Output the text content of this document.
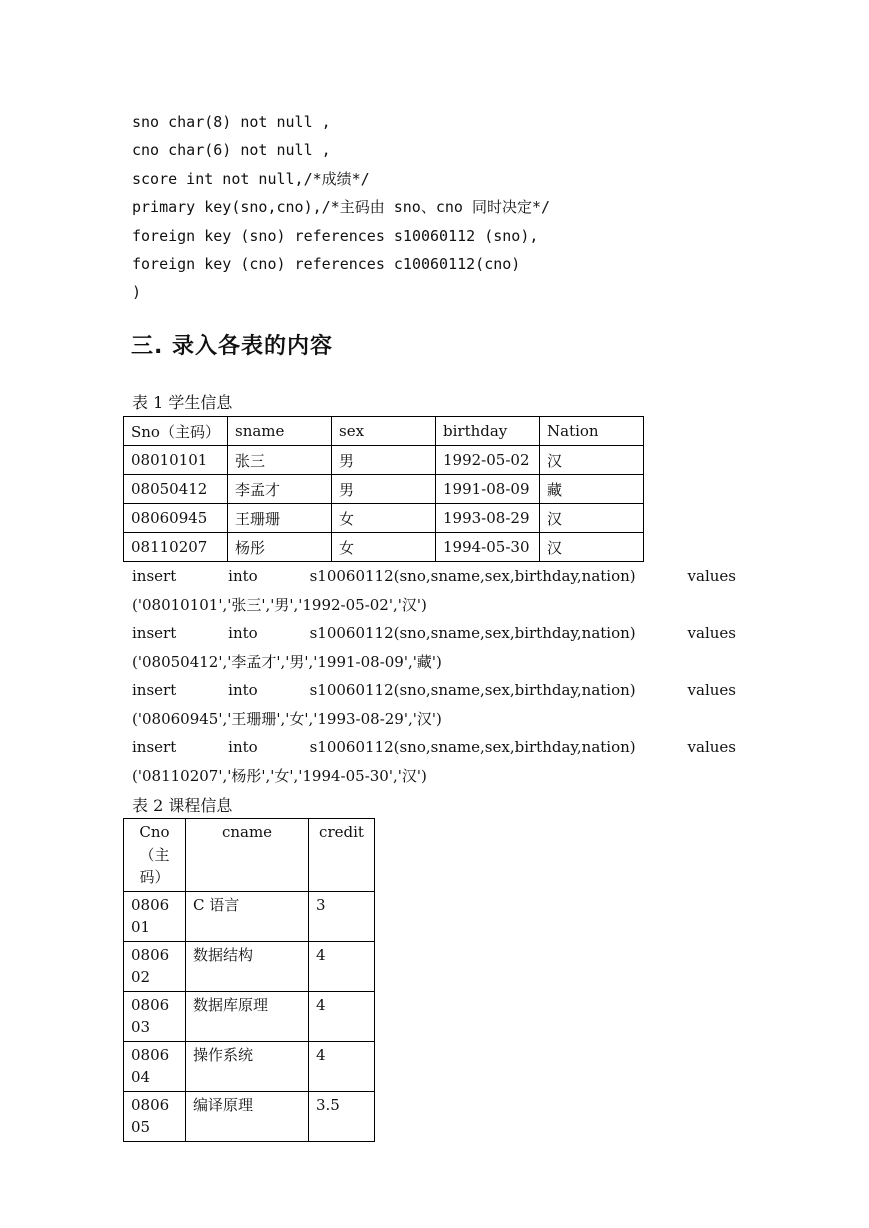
sno char(8) not null ,
cno char(6) not null ,
score int not null,/*成绩*/
primary key(sno,cno),/*主码由 sno、cno 同时决定*/
foreign key (sno) references s10060112 (sno),
foreign key (cno) references c10060112(cno)
)
三. 录入各表的内容
表 1 学生信息
Sno（主码）	sname	sex	birthday	Nation
08010101	张三	男	1992-05-02	汉
08050412	李孟才	男	1991-08-09	藏
08060945	王珊珊	女	1993-08-29	汉
08110207	杨彤	女	1994-05-30	汉
insert	into	s10060112(sno,sname,sex,birthday,nation)	values
('08010101','张三','男','1992-05-02','汉')
insert	into	s10060112(sno,sname,sex,birthday,nation)	values
('08050412','李孟才','男','1991-08-09','藏')
insert	into	s10060112(sno,sname,sex,birthday,nation)	values
('08060945','王珊珊','女','1993-08-29','汉')
insert	into	s10060112(sno,sname,sex,birthday,nation)	values
('08110207','杨彤','女','1994-05-30','汉')
表 2 课程信息
Cno（主码）	cname	credit
080601	C 语言	3
080602	数据结构	4
080603	数据库原理	4
080604	操作系统	4
080605	编译原理	3.5
